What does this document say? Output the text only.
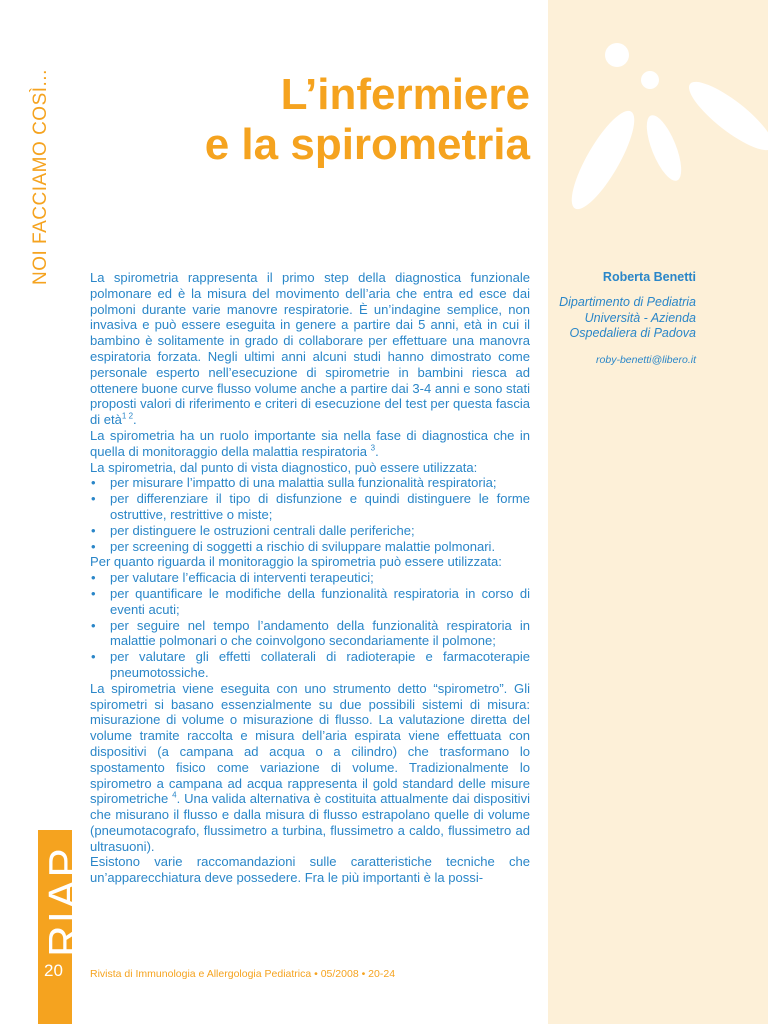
NOI FACCIAMO COSÌ...	L’infermiere
e la spirometria
Roberta Benetti
Dipartimento di Pediatria
Università - Azienda
Ospedaliera di Padova
roby-benetti@libero.it

La spirometria rappresenta il primo step della diagnostica funzionale polmonare ed è la misura del movimento dell’aria che entra ed esce dai polmoni durante varie manovre respiratorie. È un’indagine semplice, non invasiva e può essere eseguita in genere a partire dai 5 anni, età in cui il bambino è solitamente in grado di collaborare per effettuare una manovra espiratoria forzata. Negli ultimi anni alcuni studi hanno dimostrato come personale esperto nell’esecuzione di spirometrie in bambini riesca ad ottenere buone curve flusso volume anche a partire dai 3-4 anni e sono stati proposti valori di riferimento e criteri di esecuzione del test per questa fascia di età$^{1 2}$.

La spirometria ha un ruolo importante sia nella fase di diagnostica che in quella di monitoraggio della malattia respiratoria $^3$.

La spirometria, dal punto di vista diagnostico, può essere utilizzata:

• per misurare l’impatto di una malattia sulla funzionalità respiratoria;
• per differenziare il tipo di disfunzione e quindi distinguere le forme ostruttive, restrittive o miste;
• per distinguere le ostruzioni centrali dalle periferiche;
• per screening di soggetti a rischio di sviluppare malattie polmonari.

Per quanto riguarda il monitoraggio la spirometria può essere utilizzata:

• per valutare l’efficacia di interventi terapeutici;
• per quantificare le modifiche della funzionalità respiratoria in corso di eventi acuti;
• per seguire nel tempo l’andamento della funzionalità respiratoria in malattie polmonari o che coinvolgono secondariamente il polmone;
• per valutare gli effetti collaterali di radioterapie e farmacoterapie pneumotossiche.

La spirometria viene eseguita con uno strumento detto “spirometro”. Gli spirometri si basano essenzialmente su due possibili sistemi di misura: misurazione di volume o misurazione di flusso. La valutazione diretta del volume tramite raccolta e misura dell’aria espirata viene effettuata con dispositivi (a campana ad acqua o a cilindro) che trasformano lo spostamento fisico come variazione di volume. Tradizionalmente lo spirometro a campana ad acqua rappresenta il gold standard delle misure spirometriche $^4$. Una valida alternativa è costituita attualmente dai dispositivi che misurano il flusso e dalla misura di flusso estrapolano quelle di volume (pneumotacografo, flussimetro a turbina, flussimetro a caldo, flussimetro ad ultrasuoni).

Esistono varie raccomandazioni sulle caratteristiche tecniche che un’apparecchiatura deve possedere. Fra le più importanti è la possi-

RIAP
20	Rivista di Immunologia e Allergologia Pediatrica • 05/2008 • 20-24
